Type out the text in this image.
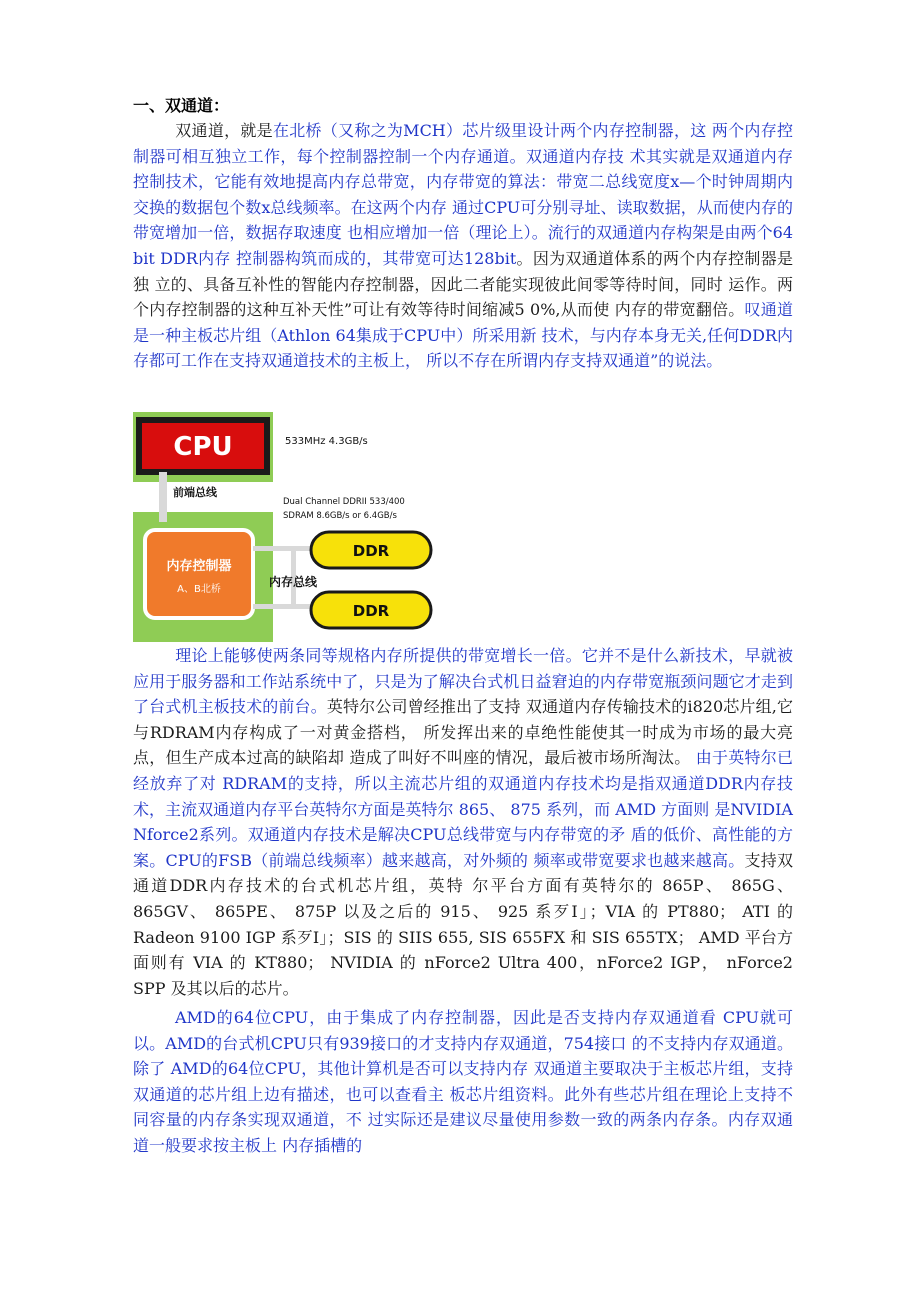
一、双通道：

双通道，就是在北桥（又称之为MCH）芯片级里设计两个内存控制器，这 两个内存控制器可相互独立工作，每个控制器控制一个内存通道。双通道内存技 术其实就是双通道内存控制技术，它能有效地提高内存总带宽，内存带宽的算法：带宽二总线宽度x—个时钟周期内交换的数据包个数x总线频率。在这两个内存 通过CPU可分别寻址、读取数据，从而使内存的带宽增加一倍，数据存取速度 也相应增加一倍（理论上）。流行的双通道内存构架是由两个64 bit DDR内存 控制器构筑而成的，其带宽可达128bit。因为双通道体系的两个内存控制器是独 立的、具备互补性的智能内存控制器，因此二者能实现彼此间零等待时间，同时 运作。两个内存控制器的这种互补天性”可让有效等待时间缩减5 0%,从而使 内存的带宽翻倍。叹通道是一种主板芯片组（Athlon 64集成于CPU中）所采用新 技术，与内存本身无关,任何DDR内存都可工作在支持双通道技术的主板上， 所以不存在所谓内存支持双通道”的说法。

CPU	533MHz 4.3GB/s
前端总线
Dual Channel DDRII 533/400
SDRAM 8.6GB/s or 6.4GB/s
内存控制器
A、B北桥
内存总线
DDR
DDR

理论上能够使两条同等规格内存所提供的带宽增长一倍。它并不是什么新技术，早就被应用于服务器和工作站系统中了，只是为了解决台式机日益窘迫的内存带宽瓶颈问题它才走到了台式机主板技术的前台。英特尔公司曾经推出了支持 双通道内存传输技术的i820芯片组,它与RDRAM内存构成了一对黄金搭档， 所发挥出来的卓绝性能使其一时成为市场的最大亮点，但生产成本过高的缺陷却 造成了叫好不叫座的情况，最后被市场所淘汰。 由于英特尔已经放弃了对 RDRAM的支持，所以主流芯片组的双通道内存技术均是指双通道DDR内存技 术，主流双通道内存平台英特尔方面是英特尔 865、 875 系列，而 AMD 方面则 是NVIDIA Nforce2系列。双通道内存技术是解决CPU总线带宽与内存带宽的矛 盾的低价、高性能的方案。CPU的FSB（前端总线频率）越来越高，对外频的 频率或带宽要求也越来越高。支持双通道DDR内存技术的台式机芯片组，英特 尔平台方面有英特尔的 865P、 865G、 865GV、 865PE、 875P 以及之后的 915、 925 系歹I」；VIA 的 PT880； ATI 的 Radeon 9100 IGP 系歹I」；SIS 的 SIIS 655, SIS 655FX 和 SIS 655TX； AMD 平台方面则有 VIA 的 KT880； NVIDIA 的 nForce2 Ultra 400，nForce2 IGP， nForce2 SPP 及其以后的芯片。

AMD的64位CPU，由于集成了内存控制器，因此是否支持内存双通道看 CPU就可以。AMD的台式机CPU只有939接口的才支持内存双通道，754接口 的不支持内存双通道。除了 AMD的64位CPU，其他计算机是否可以支持内存 双通道主要取决于主板芯片组，支持双通道的芯片组上边有描述，也可以查看主 板芯片组资料。此外有些芯片组在理论上支持不同容量的内存条实现双通道，不 过实际还是建议尽量使用参数一致的两条内存条。内存双通道一般要求按主板上 内存插槽的
